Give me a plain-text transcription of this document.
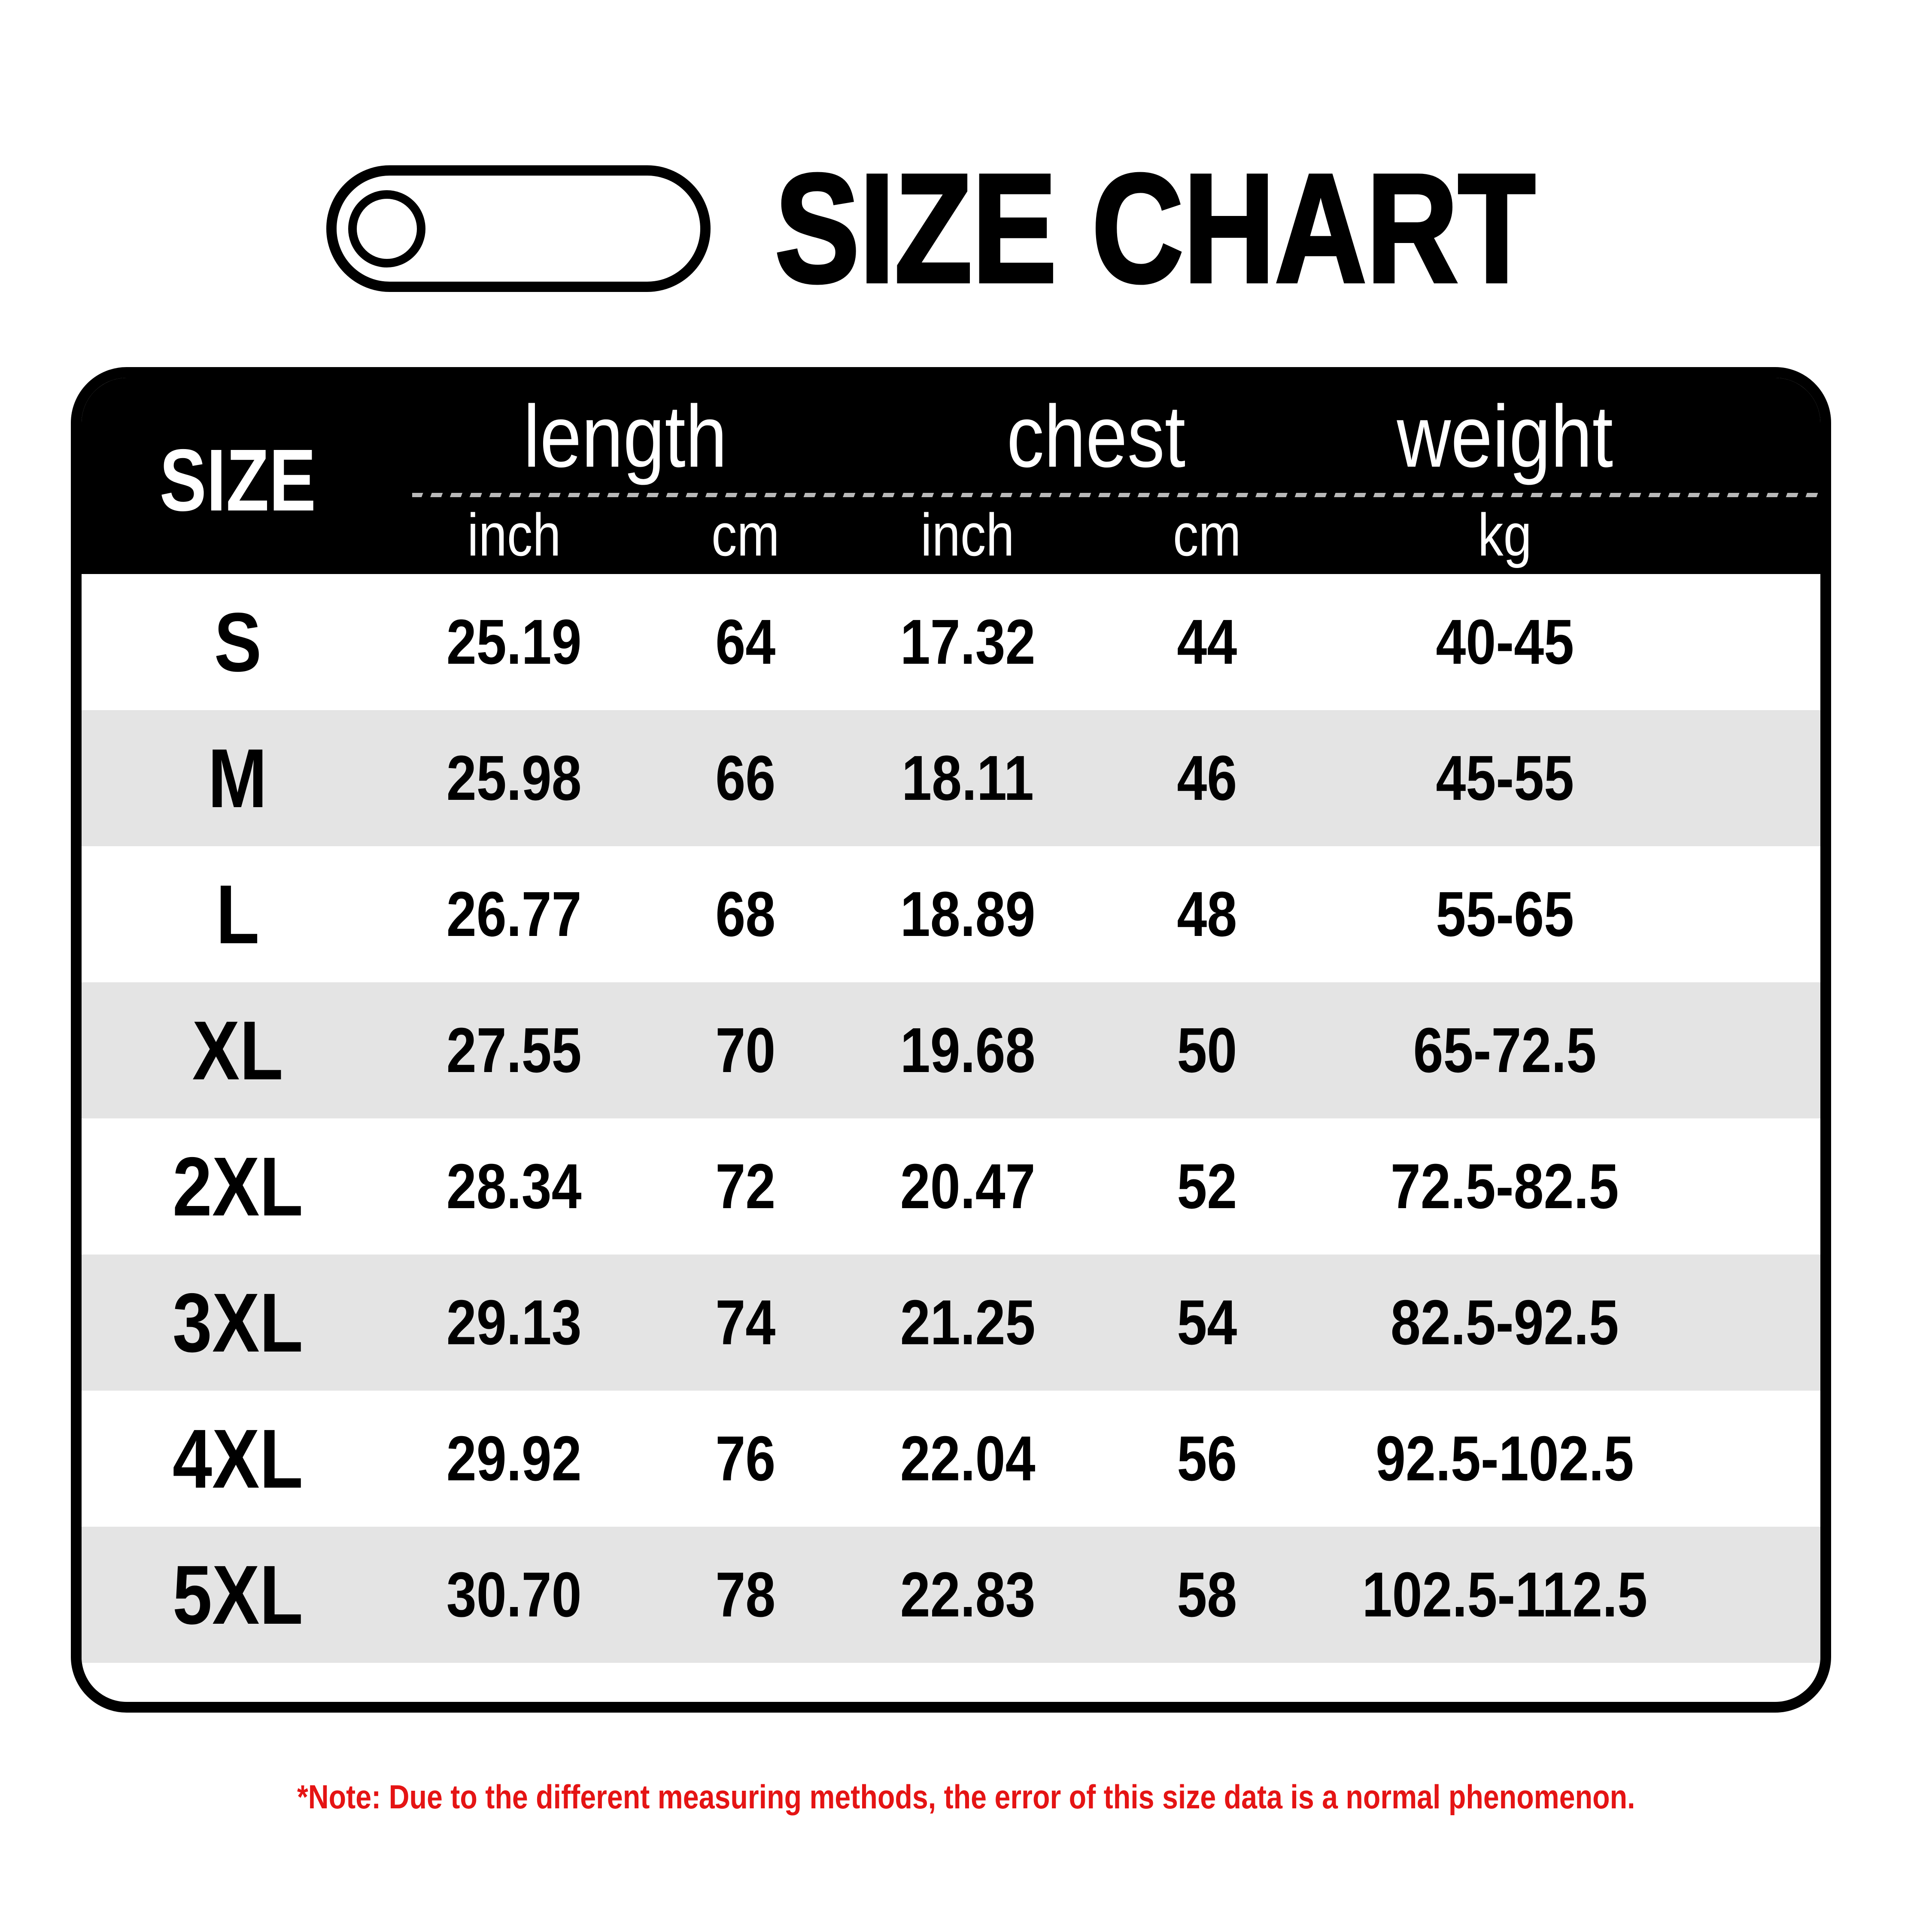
SIZE CHART
SIZE	length	chest	weight
inch	cm	inch	cm	kg
S	25.19	64	17.32	44	40-45
M	25.98	66	18.11	46	45-55
L	26.77	68	18.89	48	55-65
XL	27.55	70	19.68	50	65-72.5
2XL	28.34	72	20.47	52	72.5-82.5
3XL	29.13	74	21.25	54	82.5-92.5
4XL	29.92	76	22.04	56	92.5-102.5
5XL	30.70	78	22.83	58	102.5-112.5
*Note: Due to the different measuring methods, the error of this size data is a normal phenomenon.
